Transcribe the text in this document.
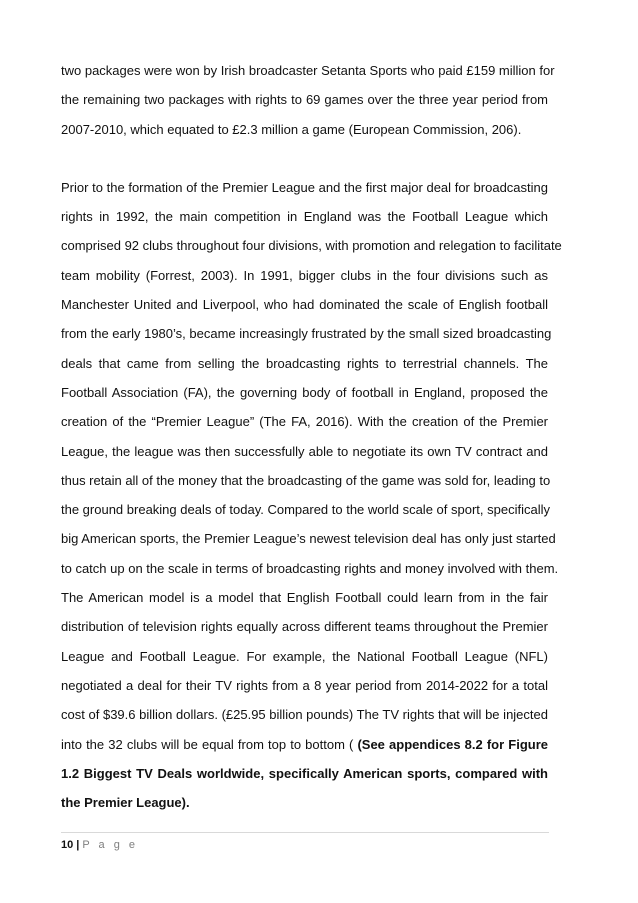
two packages were won by Irish broadcaster Setanta Sports who paid £159 million for
the remaining two packages with rights to 69 games over the three year period from
2007-2010, which equated to £2.3 million a game (European Commission, 206).

Prior to the formation of the Premier League and the first major deal for broadcasting
rights in 1992, the main competition in England was the Football League which
comprised 92 clubs throughout four divisions, with promotion and relegation to facilitate
team mobility (Forrest, 2003). In 1991, bigger clubs in the four divisions such as
Manchester United and Liverpool, who had dominated the scale of English football
from the early 1980’s, became increasingly frustrated by the small sized broadcasting
deals that came from selling the broadcasting rights to terrestrial channels. The
Football Association (FA), the governing body of football in England, proposed the
creation of the “Premier League” (The FA, 2016). With the creation of the Premier
League, the league was then successfully able to negotiate its own TV contract and
thus retain all of the money that the broadcasting of the game was sold for, leading to
the ground breaking deals of today. Compared to the world scale of sport, specifically
big American sports, the Premier League’s newest television deal has only just started
to catch up on the scale in terms of broadcasting rights and money involved with them.
The American model is a model that English Football could learn from in the fair
distribution of television rights equally across different teams throughout the Premier
League and Football League. For example, the National Football League (NFL)
negotiated a deal for their TV rights from a 8 year period from 2014-2022 for a total
cost of $39.6 billion dollars. (£25.95 billion pounds) The TV rights that will be injected
into the 32 clubs will be equal from top to bottom ( (See appendices 8.2 for Figure
1.2 Biggest TV Deals worldwide, specifically American sports, compared with
the Premier League).

10 | P a g e
